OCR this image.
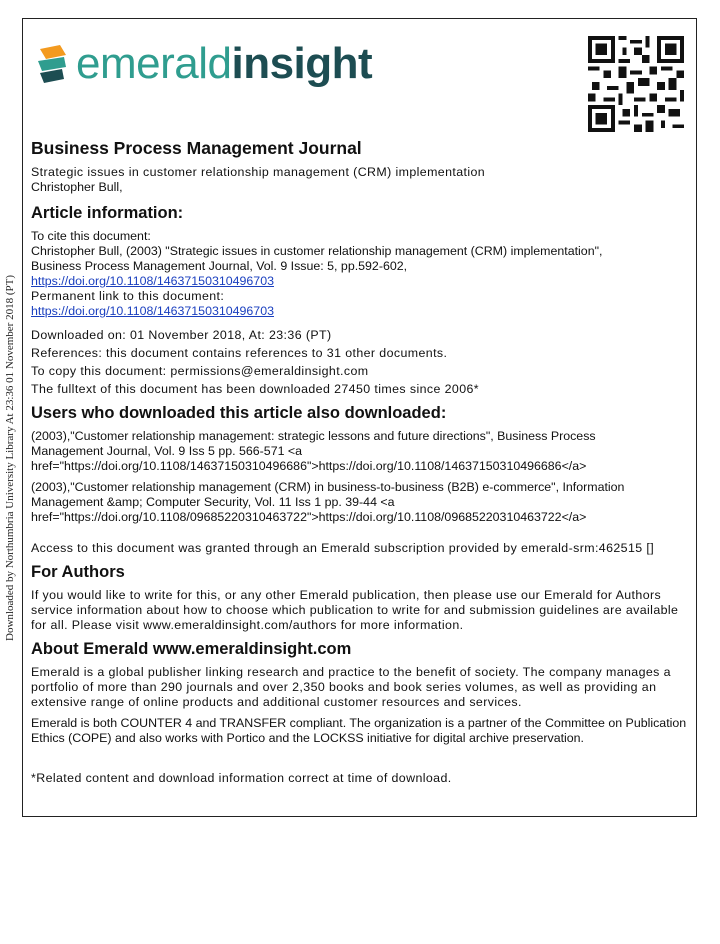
emeraldinsight
Downloaded by Northumbria University Library At 23:36 01 November 2018 (PT)
Business Process Management Journal

Strategic issues in customer relationship management (CRM) implementation

Christopher Bull,

Article information:

To cite this document:

Christopher Bull, (2003) "Strategic issues in customer relationship management (CRM) implementation", Business Process Management Journal, Vol. 9 Issue: 5, pp.592-602, https://doi.org/10.1108/14637150310496703

Permanent link to this document:

https://doi.org/10.1108/14637150310496703

Downloaded on: 01 November 2018, At: 23:36 (PT)

References: this document contains references to 31 other documents.

To copy this document: permissions@emeraldinsight.com

The fulltext of this document has been downloaded 27450 times since 2006*

Users who downloaded this article also downloaded:

(2003),"Customer relationship management: strategic lessons and future directions", Business Process Management Journal, Vol. 9 Iss 5 pp. 566-571 <a href="https://doi.org/10.1108/14637150310496686">https://doi.org/10.1108/14637150310496686</a>

(2003),"Customer relationship management (CRM) in business-to-business (B2B) e-commerce", Information Management &amp; Computer Security, Vol. 11 Iss 1 pp. 39-44 <a href="https://doi.org/10.1108/09685220310463722">https://doi.org/10.1108/09685220310463722</a>

Access to this document was granted through an Emerald subscription provided by emerald-srm:462515 []

For Authors

If you would like to write for this, or any other Emerald publication, then please use our Emerald for Authors service information about how to choose which publication to write for and submission guidelines are available for all. Please visit www.emeraldinsight.com/authors for more information.

About Emerald www.emeraldinsight.com

Emerald is a global publisher linking research and practice to the benefit of society. The company manages a portfolio of more than 290 journals and over 2,350 books and book series volumes, as well as providing an extensive range of online products and additional customer resources and services.

Emerald is both COUNTER 4 and TRANSFER compliant. The organization is a partner of the Committee on Publication Ethics (COPE) and also works with Portico and the LOCKSS initiative for digital archive preservation.

*Related content and download information correct at time of download.
